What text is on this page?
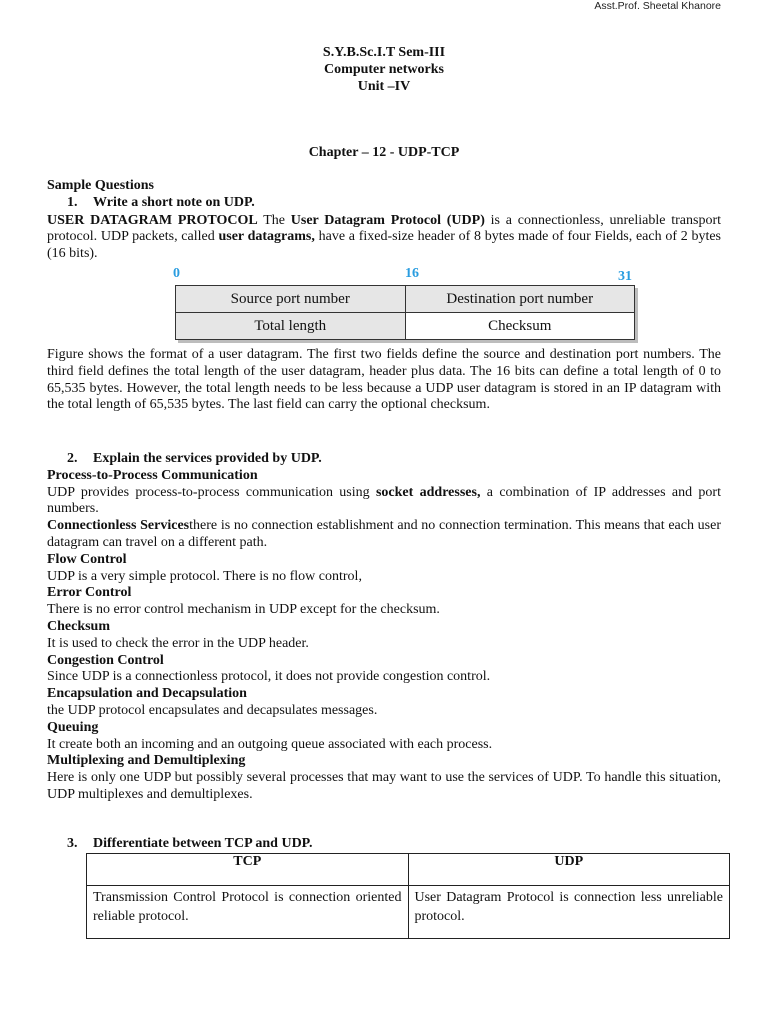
Asst.Prof. Sheetal Khanore
S.Y.B.Sc.I.T Sem-III
Computer networks
Unit –IV
Chapter – 12 - UDP-TCP
Sample Questions
1. Write a short note on UDP.
USER DATAGRAM PROTOCOL The User Datagram Protocol (UDP) is a connectionless, unreliable transport protocol. UDP packets, called user datagrams, have a fixed-size header of 8 bytes made of four Fields, each of 2 bytes (16 bits).
0	16	31
Source port number	Destination port number
Total length	Checksum
Figure shows the format of a user datagram. The first two fields define the source and destination port numbers. The third field defines the total length of the user datagram, header plus data. The 16 bits can define a total length of 0 to 65,535 bytes. However, the total length needs to be less because a UDP user datagram is stored in an IP datagram with the total length of 65,535 bytes. The last field can carry the optional checksum.
2. Explain the services provided by UDP.
Process-to-Process Communication
UDP provides process-to-process communication using socket addresses, a combination of IP addresses and port numbers.
Connectionless Servicesthere is no connection establishment and no connection termination. This means that each user datagram can travel on a different path.
Flow Control
UDP is a very simple protocol. There is no flow control,
Error Control
There is no error control mechanism in UDP except for the checksum.
Checksum
It is used to check the error in the UDP header.
Congestion Control
Since UDP is a connectionless protocol, it does not provide congestion control.
Encapsulation and Decapsulation
the UDP protocol encapsulates and decapsulates messages.
Queuing
It create both an incoming and an outgoing queue associated with each process.
Multiplexing and Demultiplexing
Here is only one UDP but possibly several processes that may want to use the services of UDP. To handle this situation, UDP multiplexes and demultiplexes.
3. Differentiate between TCP and UDP.
TCP	UDP
Transmission Control Protocol is connection oriented reliable protocol.	User Datagram Protocol is connection less unreliable protocol.
